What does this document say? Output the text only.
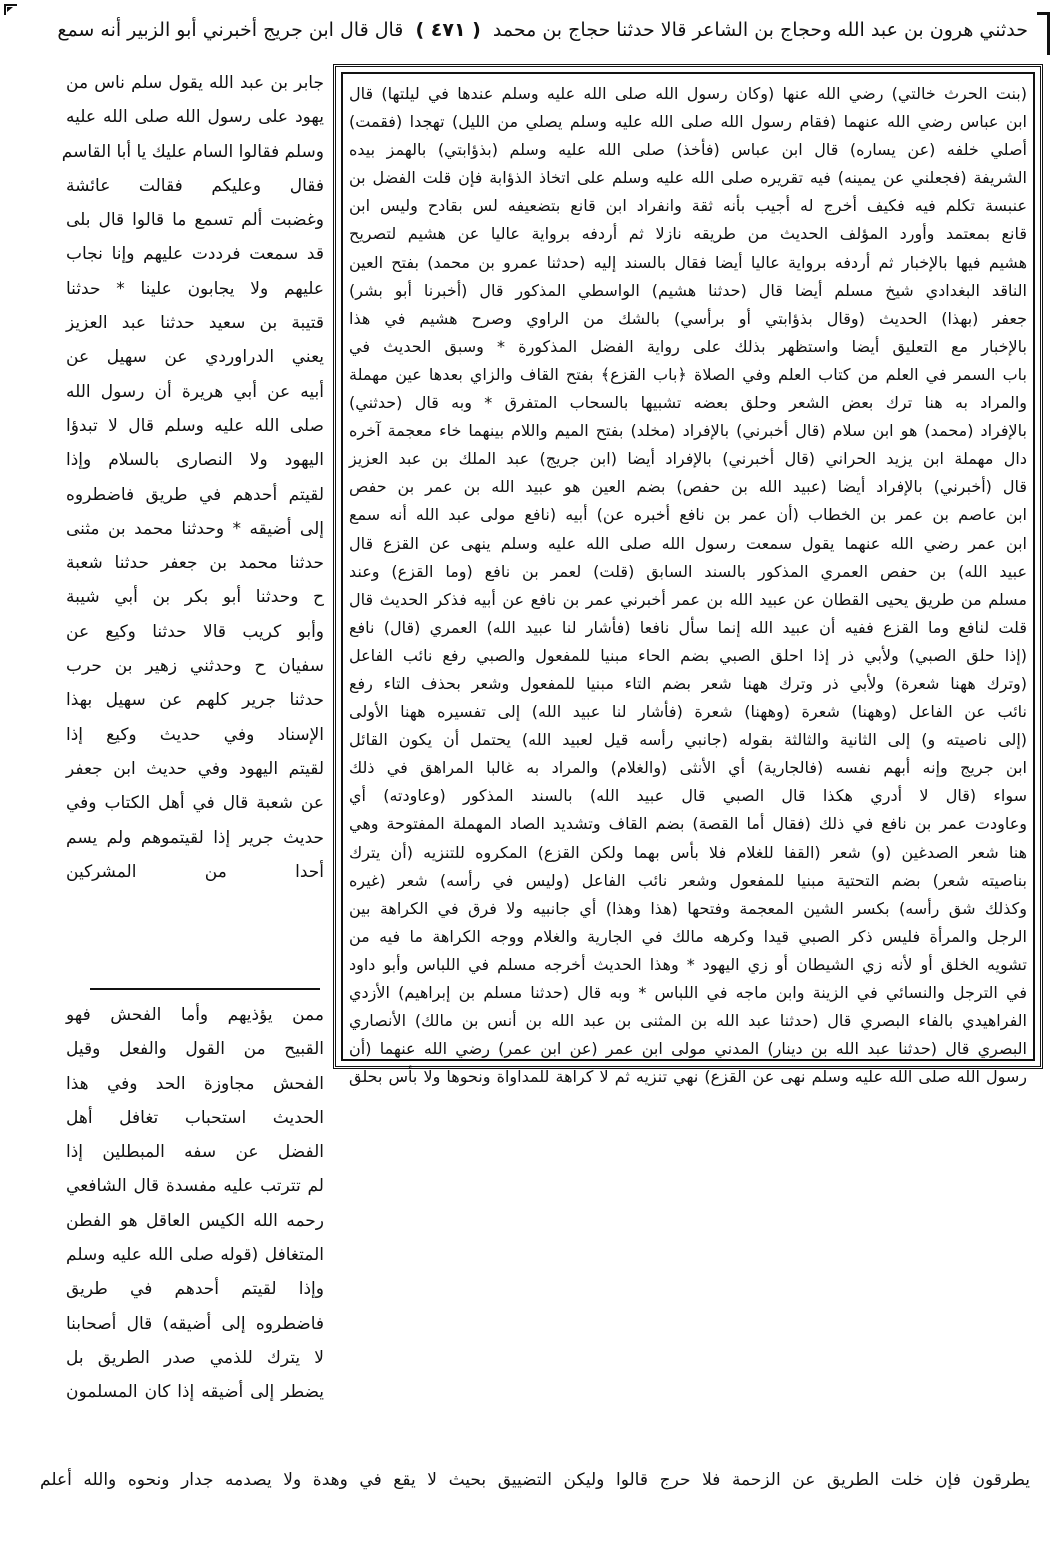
حدثني هرون بن عبد الله وحجاج بن الشاعر قالا حدثنا حجاج بن محمد ( ٤٧١ ) قال قال ابن جريج أخبرني أبو الزبير أنه سمع
(بنت الحرث خالتي) رضي الله عنها (وكان رسول الله صلى الله عليه وسلم عندها في ليلتها) قال
ابن عباس رضي الله عنهما (فقام رسول الله صلى الله عليه وسلم يصلي من الليل) تهجدا (فقمت)
أصلي خلفه (عن يساره) قال ابن عباس (فأخذ) صلى الله عليه وسلم (بذؤابتي) بالهمز بيده
الشريفة (فجعلني عن يمينه) فيه تقريره صلى الله عليه وسلم على اتخاذ الذؤابة فإن قلت الفضل بن
عنبسة تكلم فيه فكيف أخرج له أجيب بأنه ثقة وانفراد ابن قانع بتضعيفه لس بقادح وليس ابن
قانع بمعتمد وأورد المؤلف الحديث من طريقه نازلا ثم أردفه برواية عاليا عن هشيم لتصريح
هشيم فيها بالإخبار ثم أردفه برواية عاليا أيضا فقال بالسند إليه (حدثنا عمرو بن محمد) بفتح العين
الناقد البغدادي شيخ مسلم أيضا قال (حدثنا هشيم) الواسطي المذكور قال (أخبرنا أبو بشر)
جعفر (بهذا) الحديث (وقال بذؤابتي أو برأسي) بالشك من الراوي وصرح هشيم في هذا
بالإخبار مع التعليق أيضا واستظهر بذلك على رواية الفضل المذكورة * وسبق الحديث في
باب السمر في العلم من كتاب العلم وفي الصلاة ﴿باب القزع﴾ بفتح القاف والزاي بعدها عين مهملة
والمراد به هنا ترك بعض الشعر وحلق بعضه تشبيها بالسحاب المتفرق * وبه قال (حدثني)
بالإفراد (محمد) هو ابن سلام (قال أخبرني) بالإفراد (مخلد) بفتح الميم واللام بينهما خاء معجمة آخره
دال مهملة ابن يزيد الحراني (قال أخبرني) بالإفراد أيضا (ابن جريج) عبد الملك بن عبد العزيز
قال (أخبرني) بالإفراد أيضا (عبيد الله بن حفص) بضم العين هو عبيد الله بن عمر بن حفص
ابن عاصم بن عمر بن الخطاب (أن عمر بن نافع أخبره عن) أبيه (نافع مولى عبد الله أنه سمع
ابن عمر رضي الله عنهما يقول سمعت رسول الله صلى الله عليه وسلم ينهى عن القزع قال
عبيد الله) بن حفص العمري المذكور بالسند السابق (قلت) لعمر بن نافع (وما القزع) وعند
مسلم من طريق يحيى القطان عن عبيد الله بن عمر أخبرني عمر بن نافع عن أبيه فذكر الحديث قال
قلت لنافع وما القزع ففيه أن عبيد الله إنما سأل نافعا (فأشار لنا عبيد الله) العمري (قال) نافع
(إذا حلق الصبي) ولأبي ذر إذا احلق الصبي بضم الحاء مبنيا للمفعول والصبي رفع نائب الفاعل
(وترك ههنا شعرة) ولأبي ذر وترك ههنا شعر بضم التاء مبنيا للمفعول وشعر بحذف التاء رفع
نائب عن الفاعل (وههنا) شعرة (وههنا) شعرة (فأشار لنا عبيد الله) إلى تفسيره ههنا الأولى
(إلى ناصيته و) إلى الثانية والثالثة بقوله (جانبي رأسه قيل لعبيد الله) يحتمل أن يكون القائل
ابن جريج وإنه أبهم نفسه (فالجارية) أي الأنثى (والغلام) والمراد به غالبا المراهق في ذلك
سواء (قال لا أدري هكذا قال الصبي قال عبيد الله) بالسند المذكور (وعاودته) أي
وعاودت عمر بن نافع في ذلك (فقال أما القصة) بضم القاف وتشديد الصاد المهملة المفتوحة وهي
هنا شعر الصدغين (و) شعر (القفا للغلام فلا بأس بهما ولكن القزع) المكروه للتنزيه (أن يترك
بناصيته شعر) بضم التحتية مبنيا للمفعول وشعر نائب الفاعل (وليس في رأسه) شعر (غيره
وكذلك شق رأسه) بكسر الشين المعجمة وفتحها (هذا وهذا) أي جانبيه ولا فرق في الكراهة بين
الرجل والمرأة فليس ذكر الصبي قيدا وكرهه مالك في الجارية والغلام ووجه الكراهة ما فيه من
تشويه الخلق أو لأنه زي الشيطان أو زي اليهود * وهذا الحديث أخرجه مسلم في اللباس وأبو داود
في الترجل والنسائي في الزينة وابن ماجه في اللباس * وبه قال (حدثنا مسلم بن إبراهيم) الأزدي
الفراهيدي بالفاء البصري قال (حدثنا عبد الله بن المثنى بن عبد الله بن أنس بن مالك) الأنصاري
البصري قال (حدثنا عبد الله بن دينار) المدني مولى ابن عمر (عن ابن عمر) رضي الله عنهما (أن
رسول الله صلى الله عليه وسلم نهى عن القزع) نهي تنزيه ثم لا كراهة للمداواة ونحوها ولا بأس بحلق
جابر بن عبد الله يقول سلم ناس من
يهود على رسول الله صلى الله عليه
وسلم فقالوا السام عليك يا أبا القاسم
فقال وعليكم فقالت عائشة
وغضبت ألم تسمع ما قالوا قال بلى
قد سمعت فرددت عليهم وإنا نجاب
عليهم ولا يجابون علينا * حدثنا
قتيبة بن سعيد حدثنا عبد العزيز
يعني الدراوردي عن سهيل عن
أبيه عن أبي هريرة أن رسول الله
صلى الله عليه وسلم قال لا تبدؤا
اليهود ولا النصارى بالسلام وإذا
لقيتم أحدهم في طريق فاضطروه
إلى أضيقه * وحدثنا محمد بن مثنى
حدثنا محمد بن جعفر حدثنا شعبة
ح وحدثنا أبو بكر بن أبي شيبة
وأبو كريب قالا حدثنا وكيع عن
سفيان ح وحدثني زهير بن حرب
حدثنا جرير كلهم عن سهيل بهذا
الإسناد وفي حديث وكيع إذا
لقيتم اليهود وفي حديث ابن جعفر
عن شعبة قال في أهل الكتاب وفي
حديث جرير إذا لقيتموهم ولم يسم
أحدا من المشركين
ممن يؤذيهم وأما الفحش فهو
القبيح من القول والفعل وقيل
الفحش مجاوزة الحد وفي هذا
الحديث استحباب تغافل أهل
الفضل عن سفه المبطلين إذا
لم تترتب عليه مفسدة قال الشافعي
رحمه الله الكيس العاقل هو الفطن
المتغافل (قوله صلى الله عليه وسلم
وإذا لقيتم أحدهم في طريق
فاضطروه إلى أضيقه) قال أصحابنا
لا يترك للذمي صدر الطريق بل
يضطر إلى أضيقه إذا كان المسلمون
يطرقون فإن خلت الطريق عن الزحمة فلا حرج قالوا وليكن التضييق بحيث لا يقع في وهدة ولا يصدمه جدار ونحوه والله أعلم
